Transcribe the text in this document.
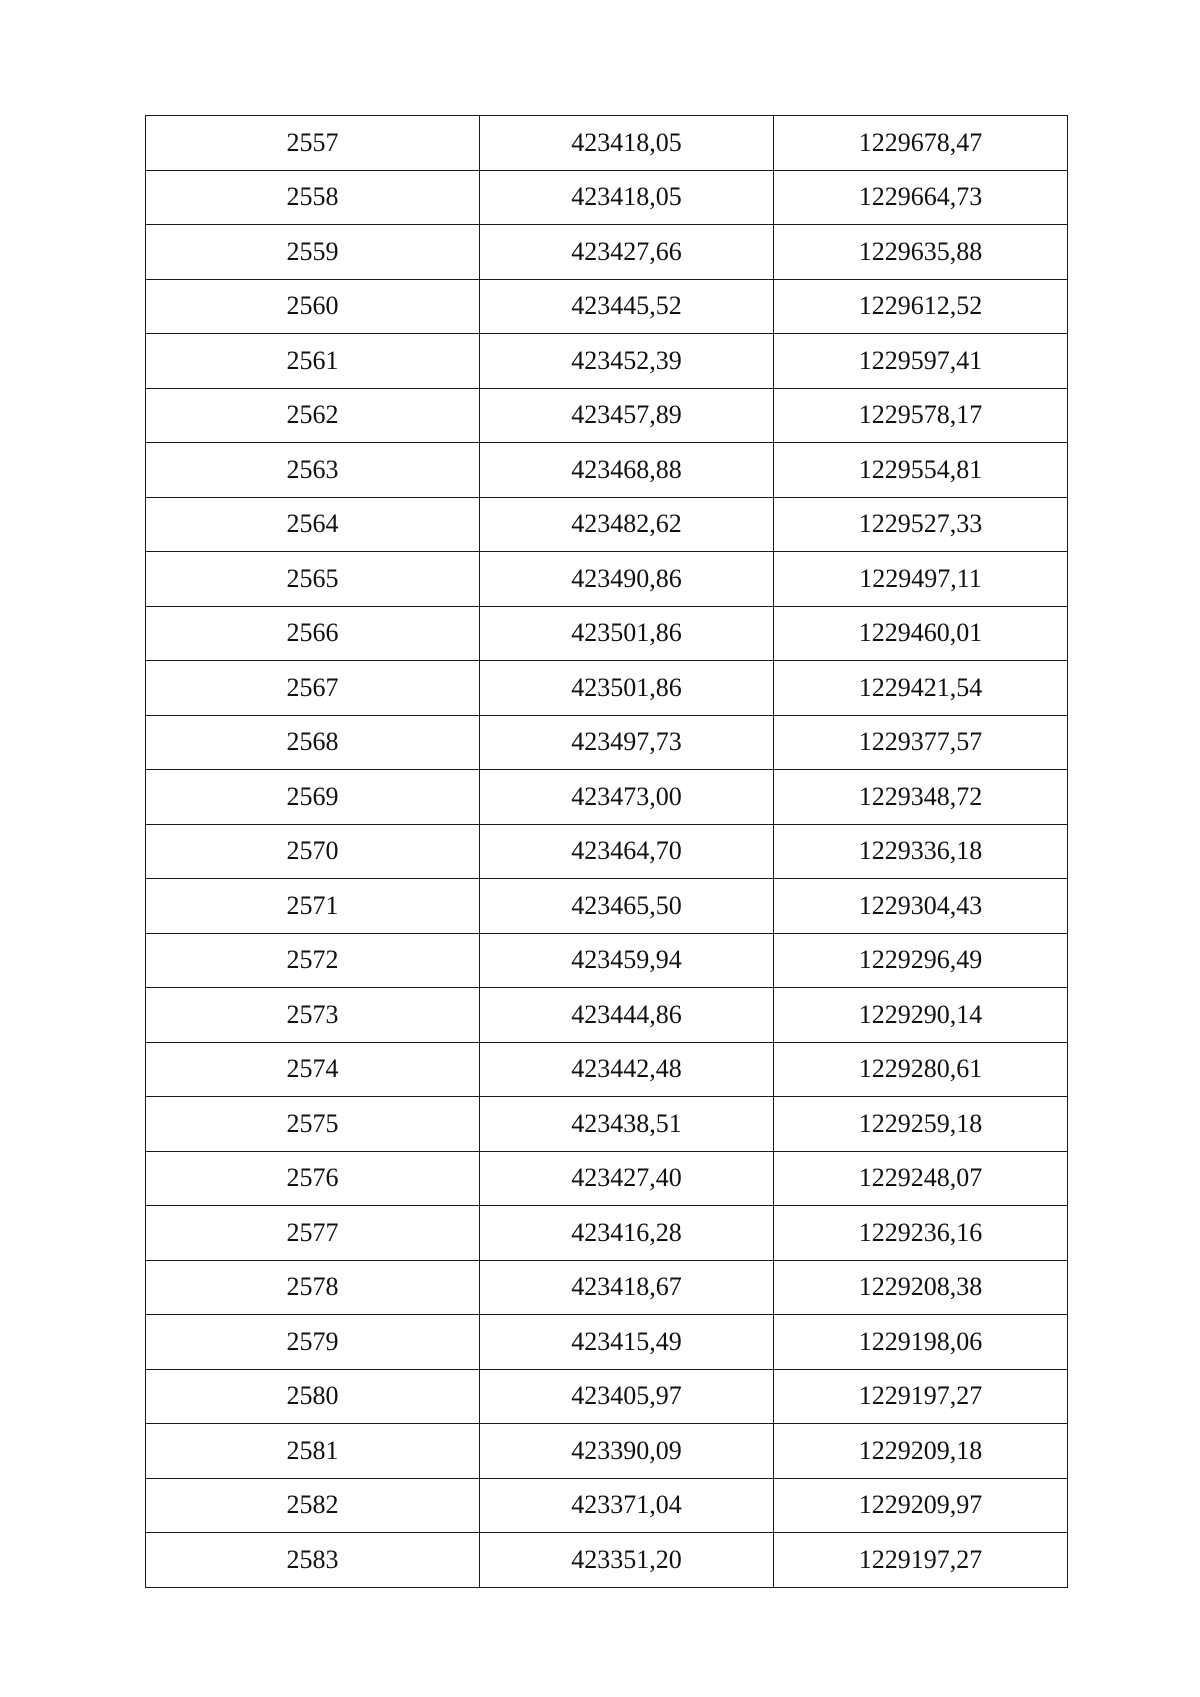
2557	423418,05	1229678,47
2558	423418,05	1229664,73
2559	423427,66	1229635,88
2560	423445,52	1229612,52
2561	423452,39	1229597,41
2562	423457,89	1229578,17
2563	423468,88	1229554,81
2564	423482,62	1229527,33
2565	423490,86	1229497,11
2566	423501,86	1229460,01
2567	423501,86	1229421,54
2568	423497,73	1229377,57
2569	423473,00	1229348,72
2570	423464,70	1229336,18
2571	423465,50	1229304,43
2572	423459,94	1229296,49
2573	423444,86	1229290,14
2574	423442,48	1229280,61
2575	423438,51	1229259,18
2576	423427,40	1229248,07
2577	423416,28	1229236,16
2578	423418,67	1229208,38
2579	423415,49	1229198,06
2580	423405,97	1229197,27
2581	423390,09	1229209,18
2582	423371,04	1229209,97
2583	423351,20	1229197,27
